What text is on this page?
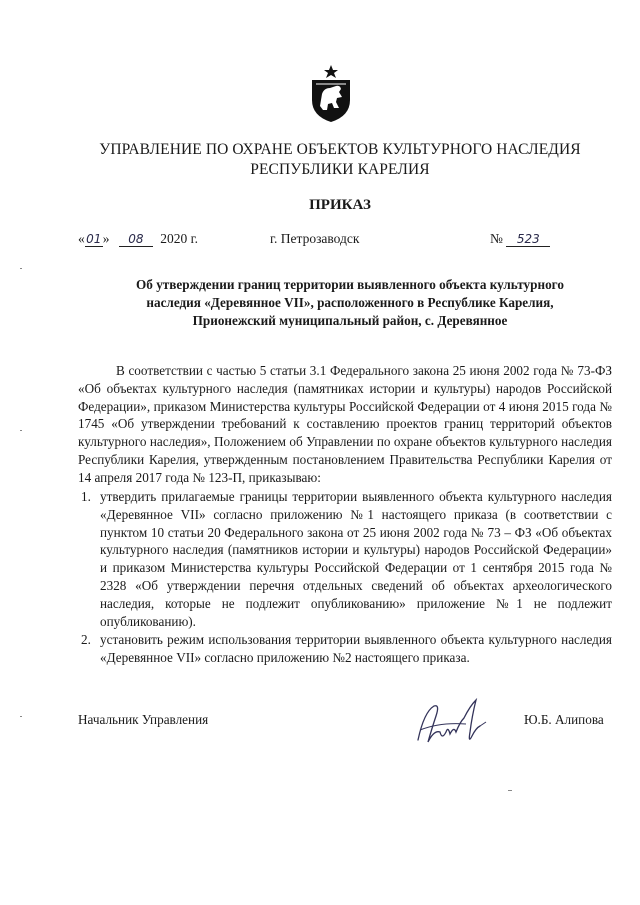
УПРАВЛЕНИЕ ПО ОХРАНЕ ОБЪЕКТОВ КУЛЬТУРНОГО НАСЛЕДИЯ
РЕСПУБЛИКИ КАРЕЛИЯ
ПРИКАЗ
«01» 08 2020 г.	г. Петрозаводск	№ 523
Об утверждении границ территории выявленного объекта культурного
наследия «Деревянное VII», расположенного в Республике Карелия,
Прионежский муниципальный район, с. Деревянное
В соответствии с частью 5 статьи 3.1 Федерального закона 25 июня 2002 года № 73-ФЗ «Об объектах культурного наследия (памятниках истории и культуры) народов Российской Федерации», приказом Министерства культуры Российской Федерации от 4 июня 2015 года № 1745 «Об утверждении требований к составлению проектов границ территорий объектов культурного наследия», Положением об Управлении по охране объектов культурного наследия Республики Карелия, утвержденным постановлением Правительства Республики Карелия от 14 апреля 2017 года № 123-П, приказываю:
1. утвердить прилагаемые границы территории выявленного объекта культурного наследия «Деревянное VII» согласно приложению №1 настоящего приказа (в соответствии с пунктом 10 статьи 20 Федерального закона от 25 июня 2002 года № 73 – ФЗ «Об объектах культурного наследия (памятников истории и культуры) народов Российской Федерации» и приказом Министерства культуры Российской Федерации от 1 сентября 2015 года № 2328 «Об утверждении перечня отдельных сведений об объектах археологического наследия, которые не подлежит опубликованию» приложение №1 не подлежит опубликованию).
2. установить режим использования территории выявленного объекта культурного наследия «Деревянное VII» согласно приложению №2 настоящего приказа.
Начальник Управления	Ю.Б. Алипова
